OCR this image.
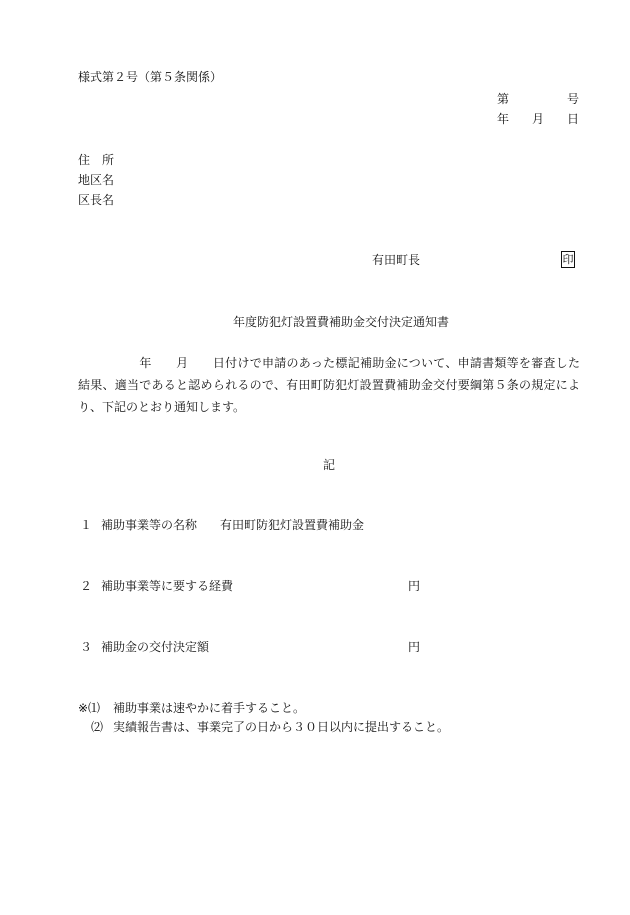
様式第２号（第５条関係）
第	号
年 月 日
住　所
地区名
区長名
有田町長	印
年度防犯灯設置費補助金交付決定通知書
　　　　　年　　 月　　 日付けで申請のあった標記補助金について、申請書類等を審査した結果、適当であると認められるので、有田町防犯灯設置費補助金交付要綱第５条の規定により、下記のとおり通知します。
記
１ 補助事業等の名称 有田町防犯灯設置費補助金
２ 補助事業等に要する経費	円
３ 補助金の交付決定額	円
※⑴ 補助事業は速やかに着手すること。
⑵ 実績報告書は、事業完了の日から３０日以内に提出すること。
